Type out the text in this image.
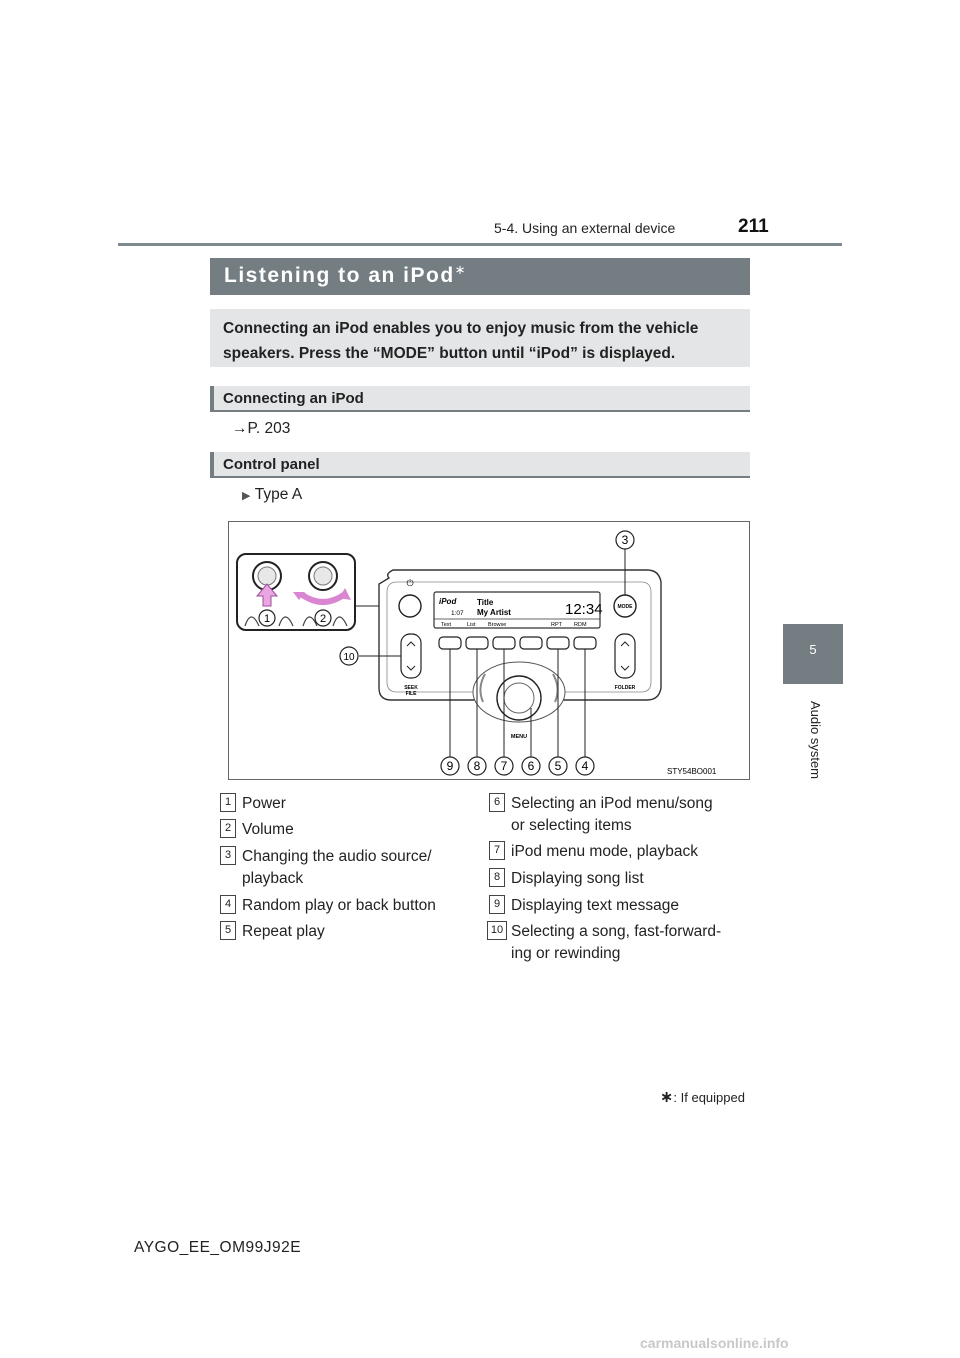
5-4. Using an external device	211
5
Audio system
Listening to an iPod∗
Connecting an iPod enables you to enjoy music from the vehicle speakers. Press the “MODE” button until “iPod” is displayed.
Connecting an iPod
→P. 203
Control panel
▶ Type A
1	2
⏻
iPod	Title
1:07 My Artist	12:34
Text	List Browse	RPT RDM
MODE
SEEK
FILE
FOLDER
MENU
3
10
9 8 7 6 5 4	STY54BO001
1 Power
2 Volume
3 Changing the audio source/
playback
4 Random play or back button
5 Repeat play
6 Selecting an iPod menu/song
or selecting items
7 iPod menu mode, playback
8 Displaying song list
9 Displaying text message
10 Selecting a song, fast-forward-
ing or rewinding
∗: If equipped
AYGO_EE_OM99J92E
carmanualsonline.info
